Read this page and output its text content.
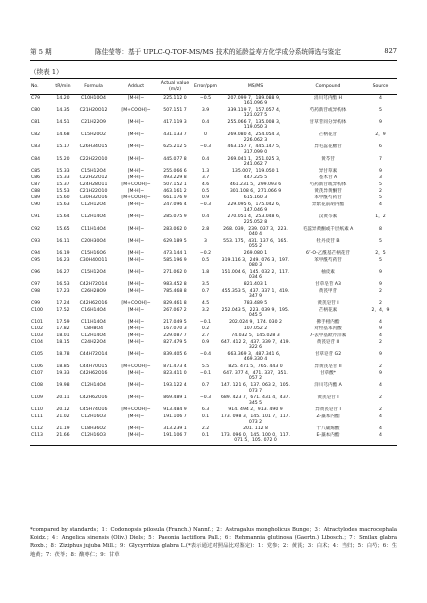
第 5 期	陈佳莹等：基于 UPLC-Q-TOF-MS/MS 技术的延龄益寿方化学成分系统筛选与鉴定	827
（续表 1）
No.	tR/min	Formula	Adduct	Actual value (m/z)	Error/ppm	MS/MS	Compound	Source
C79	14.20	C10H10O4	[M-H]−	225.112 0	−0.5	207.099 7，189.088 9，161.096 9	涓川芎内酯 H	4
C80	14.35	C21H20O12	[M+COOH]−	507.151 7	3.9	339.119 7，157.057 4，121.027 5	芍药新苷或异构体	5
C81	14.51	C21H22O9	[M-H]−	417.119 3	0.4	255.066 7，135.008 3，119.050 3	甘草苷同分异构体	9
C82	14.68	C15H20O2	[M-H]−	431.133 7	0	269.080 4，254.054 3，226.062 3	芒柄花苷	2，9
C83	15.17	C26H34O15	[M-H]−	625.212 5	−0.3	463.157 7，445.147 5，317.099 0	异毛蕊花糖苷	6
C84	15.20	C22H22O10	[M-H]−	445.077 8	0.4	269.041 1，251.025 3，241.062 7	黄芩苷	7
C85	15.33	C15H12O4	[M-H]−	255.066 6	1.3	135.007，119.050 1	异甘草素	9
C86	15.33	C22H22O12	[M-H]−	493.229 8	3.7	447.225 5	苍术苷 A	3
C87	15.37	C24H28O11	[M+COOH]−	507.152 1	4.6	461.231 5，299.093 6	芍药新苷或异构体	5
C88	15.53	C21H22O10	[M-H]−	463.161 2	0.5	301.108 6，271.066 9	黄芪异黄酮苷	2
C89	15.60	C30H32O16	[M+COOH]−	661.176 9	0.9	615.160 3	苯甲酰芍药苷	5
C90	15.63	C12H12O4	[M-H]−	247.096 4	−0.3	229.095 6，175.042 6，147.046 9	异紫花前胡内酯	4
C91	15.64	C12H14O4	[M-H]−	285.075 9	0.4	270.051 4，253.048 6，225.052 8	汉黄芩素	1，2
C92	15.65	C11H14O4	[M-H]−	283.062 0	2.8	268. 039，239. 037 3，223. 040 4	毛蕊异黄酮或千层纸素 A	8
C93	16.11	C20H30O4	[M-H]−	629.189 5	3	553. 175，431. 137 6，165. 055 2	牡丹皮苷 B	5
C94	16.19	C15H16O6	[M-H]−	473.144 1	−0.2	269.080 1	6″-O-乙酰基芒柄花苷	2，5
C95	16.23	C30H40O11	[M-H]−	585.196 9	0.5	319.116 3，249. 076 3，197. 080 3	苯甲酰芍药苷	5
C96	16.27	C15H12O4	[M-H]−	271.062 0	1.8	151.004 6，145. 032 2，117. 034 6	柚皮素	9
C97	16.53	C42H72O14	[M-H]−	983.452 8	3.5	821.403 1	甘草皂苷 A3	9
C98	17.23	C26H28O9	[M-H]−	785.468 8	0.7	455.353 5，437. 337 1，419. 347 9	黄芪甲苷	2
C99	17.24	C42H62O16	[M+COOH]−	829.461 8	4.5	783.489 5	黄芪皂苷 I	2
C100	17.52	C16H14O4	[M-H]−	267.067 2	3.2	252.043 5，223. 039 9，195. 045 5	芒柄花素	2，4，9
C101	17.59	C11H14O4	[M-H]−	217.049 5	−0.1	202.024 9，174. 030 2	佛手柑内酯	4
C102	17.82	C8H8O4	[M-H]−	167.070 3	0.2	107.052 2	对羟基苯丙酸	9
C103	18.01	C12H14O4	[M-H]−	229.087 7	2.7	74.032 5，145.028 3	7-去甲基欧芹洋素	4
C104	18.15	C24H22O4	[M-H]−	827.479 5	0.9	647. 412 2，437. 339 7，419. 322 6	黄芪皂苷 II	2
C105	18.78	C44H72O14	[M-H]−	839.405 6	−0.4	663.369 3，487.341 6，469.330 4	甘草皂苷 G2	9
C106	18.85	C44H70O15	[M+COOH]−	871.473 4	5.5	825. 471 5，765. 443 0	异黄芪皂苷 II	2
C107	19.33	C42H62O16	[M-H]−	823.411 0	−0.1	647. 377 4，471. 337，351. 057 2	甘草酸*	9
C108	19.98	C12H14O4	[M-H]−	193.122 4	0.7	147. 121 6，137. 063 2，105. 073 7	洋川芎内酯 A	4
C109	20.11	C42H62O16	[M-H]−	869.489 1	−0.3	689. 423 7，671. 431 4，437. 345 5	黄芪皂苷 I	2
C110	20.12	C45H74O16	[M+COOH]−	913.484 9	6.3	914. 494 2，913. 490 9	异黄芪皂苷 I	2
C111	21.02	C12H16O3	[M-H]−	191.106 7	0.1	173. 098 3，145. 101 7，117. 073 2	Z-藁本内酯	4
C112	21.19	C18H36O2	[M-H]−	313.239 1	2.2	201. 112 8	十八碳烯酸	4
C113	21.66	C12H16O3	[M-H]−	191.106 7	0.1	173. 096 0，145. 100 0，117. 071 5，105. 072 0	E-藁本内酯	4
*compared by standards；1：Codonopsis pilosula (Franch.) Nannf.；2：Astragalus mongholicus Bunge；3：Atractylodes macrocephala Koidz.；4：Angelica sinensis (Oliv.) Diels；5：Paeonia lactiflora Pall.；6：Rehmannia glutinosa (Gaertn.) Libosch.；7：Smilax glabra Roxb.；8：Ziziphus jujuba Mill.；9：Glycyrrhiza glabra L.(*表示通过对照品比对鉴定)：1：党参；2：黄芪；3：白术；4：当归；5：白芍；6：生地黄；7：茯苓；8：酸枣仁；9：甘草
